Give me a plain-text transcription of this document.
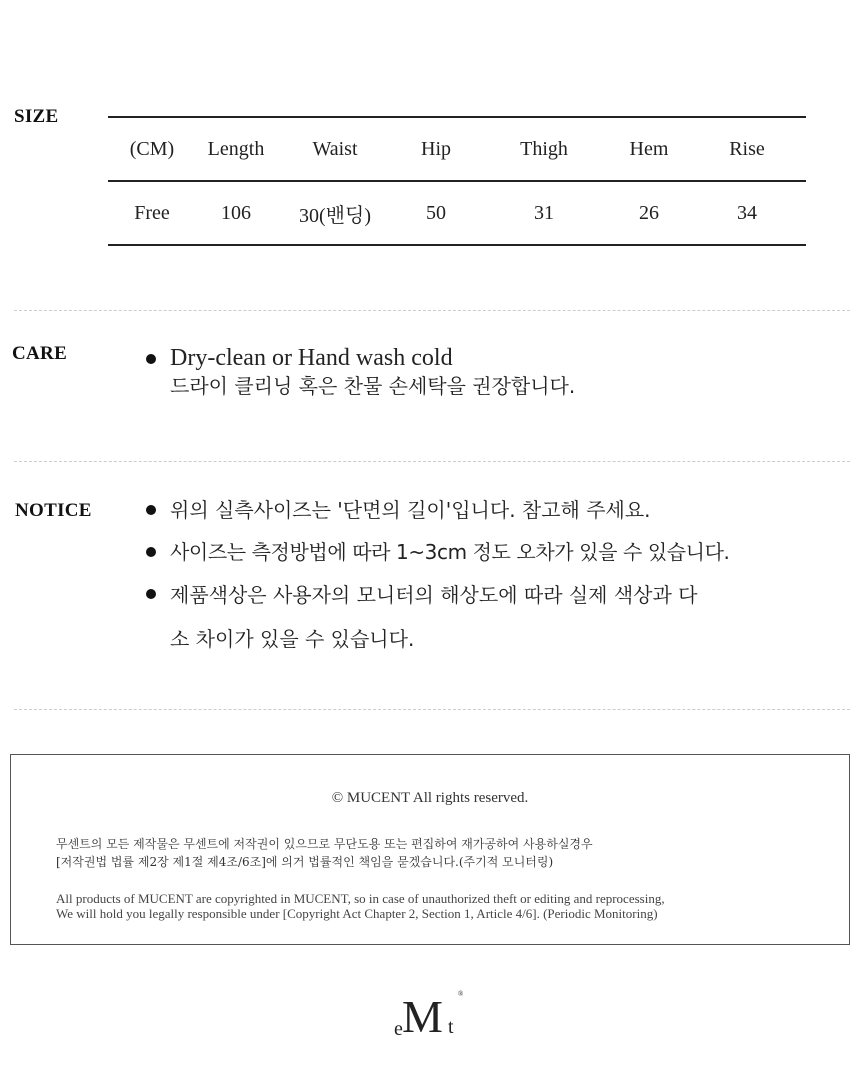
SIZE
(CM)	Length	Waist	Hip	Thigh	Hem	Rise
Free	106	30(밴딩)	50	31	26	34
CARE	Dry-clean or Hand wash cold
드라이 클리닝 혹은 찬물 손세탁을 권장합니다.
NOTICE	위의 실측사이즈는 '단면의 길이'입니다. 참고해 주세요.
사이즈는 측정방법에 따라 1~3cm 정도 오차가 있을 수 있습니다.
제품색상은 사용자의 모니터의 해상도에 따라 실제 색상과 다소 차이가 있을 수 있습니다.
© MUCENT All rights reserved.
무센트의 모든 제작물은 무센트에 저작권이 있으므로 무단도용 또는 편집하여 재가공하여 사용하실경우
[저작권법 법률 제2장 제1절 제4조/6조]에 의거 법률적인 책임을 묻겠습니다.(주기적 모니터링)
All products of MUCENT are copyrighted in MUCENT, so in case of unauthorized theft or editing and reprocessing,
We will hold you legally responsible under [Copyright Act Chapter 2, Section 1, Article 4/6]. (Periodic Monitoring)
e M t
®
